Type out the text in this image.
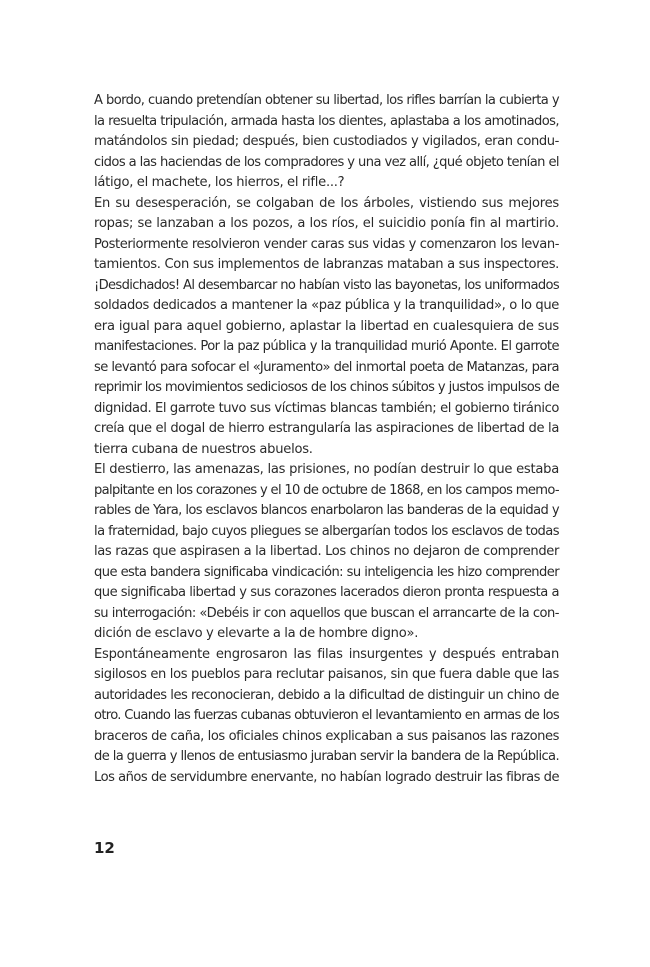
A bordo, cuando pretendían obtener su libertad, los rifles barrían la cubierta y
la resuelta tripulación, armada hasta los dientes, aplastaba a los amotinados,
matándolos sin piedad; después, bien custodiados y vigilados, eran condu-
cidos a las haciendas de los compradores y una vez allí, ¿qué objeto tenían el
látigo, el machete, los hierros, el rifle...?
En su desesperación, se colgaban de los árboles, vistiendo sus mejores
ropas; se lanzaban a los pozos, a los ríos, el suicidio ponía fin al martirio.
Posteriormente resolvieron vender caras sus vidas y comenzaron los levan-
tamientos. Con sus implementos de labranzas mataban a sus inspectores.
¡Desdichados! Al desembarcar no habían visto las bayonetas, los uniformados
soldados dedicados a mantener la «paz pública y la tranquilidad», o lo que
era igual para aquel gobierno, aplastar la libertad en cualesquiera de sus
manifestaciones. Por la paz pública y la tranquilidad murió Aponte. El garrote
se levantó para sofocar el «Juramento» del inmortal poeta de Matanzas, para
reprimir los movimientos sediciosos de los chinos súbitos y justos impulsos de
dignidad. El garrote tuvo sus víctimas blancas también; el gobierno tiránico
creía que el dogal de hierro estrangularía las aspiraciones de libertad de la
tierra cubana de nuestros abuelos.
El destierro, las amenazas, las prisiones, no podían destruir lo que estaba
palpitante en los corazones y el 10 de octubre de 1868, en los campos memo-
rables de Yara, los esclavos blancos enarbolaron las banderas de la equidad y
la fraternidad, bajo cuyos pliegues se albergarían todos los esclavos de todas
las razas que aspirasen a la libertad. Los chinos no dejaron de comprender
que esta bandera significaba vindicación: su inteligencia les hizo comprender
que significaba libertad y sus corazones lacerados dieron pronta respuesta a
su interrogación: «Debéis ir con aquellos que buscan el arrancarte de la con-
dición de esclavo y elevarte a la de hombre digno».
Espontáneamente engrosaron las filas insurgentes y después entraban
sigilosos en los pueblos para reclutar paisanos, sin que fuera dable que las
autoridades les reconocieran, debido a la dificultad de distinguir un chino de
otro. Cuando las fuerzas cubanas obtuvieron el levantamiento en armas de los
braceros de caña, los oficiales chinos explicaban a sus paisanos las razones
de la guerra y llenos de entusiasmo juraban servir la bandera de la República.
Los años de servidumbre enervante, no habían logrado destruir las fibras de
12
